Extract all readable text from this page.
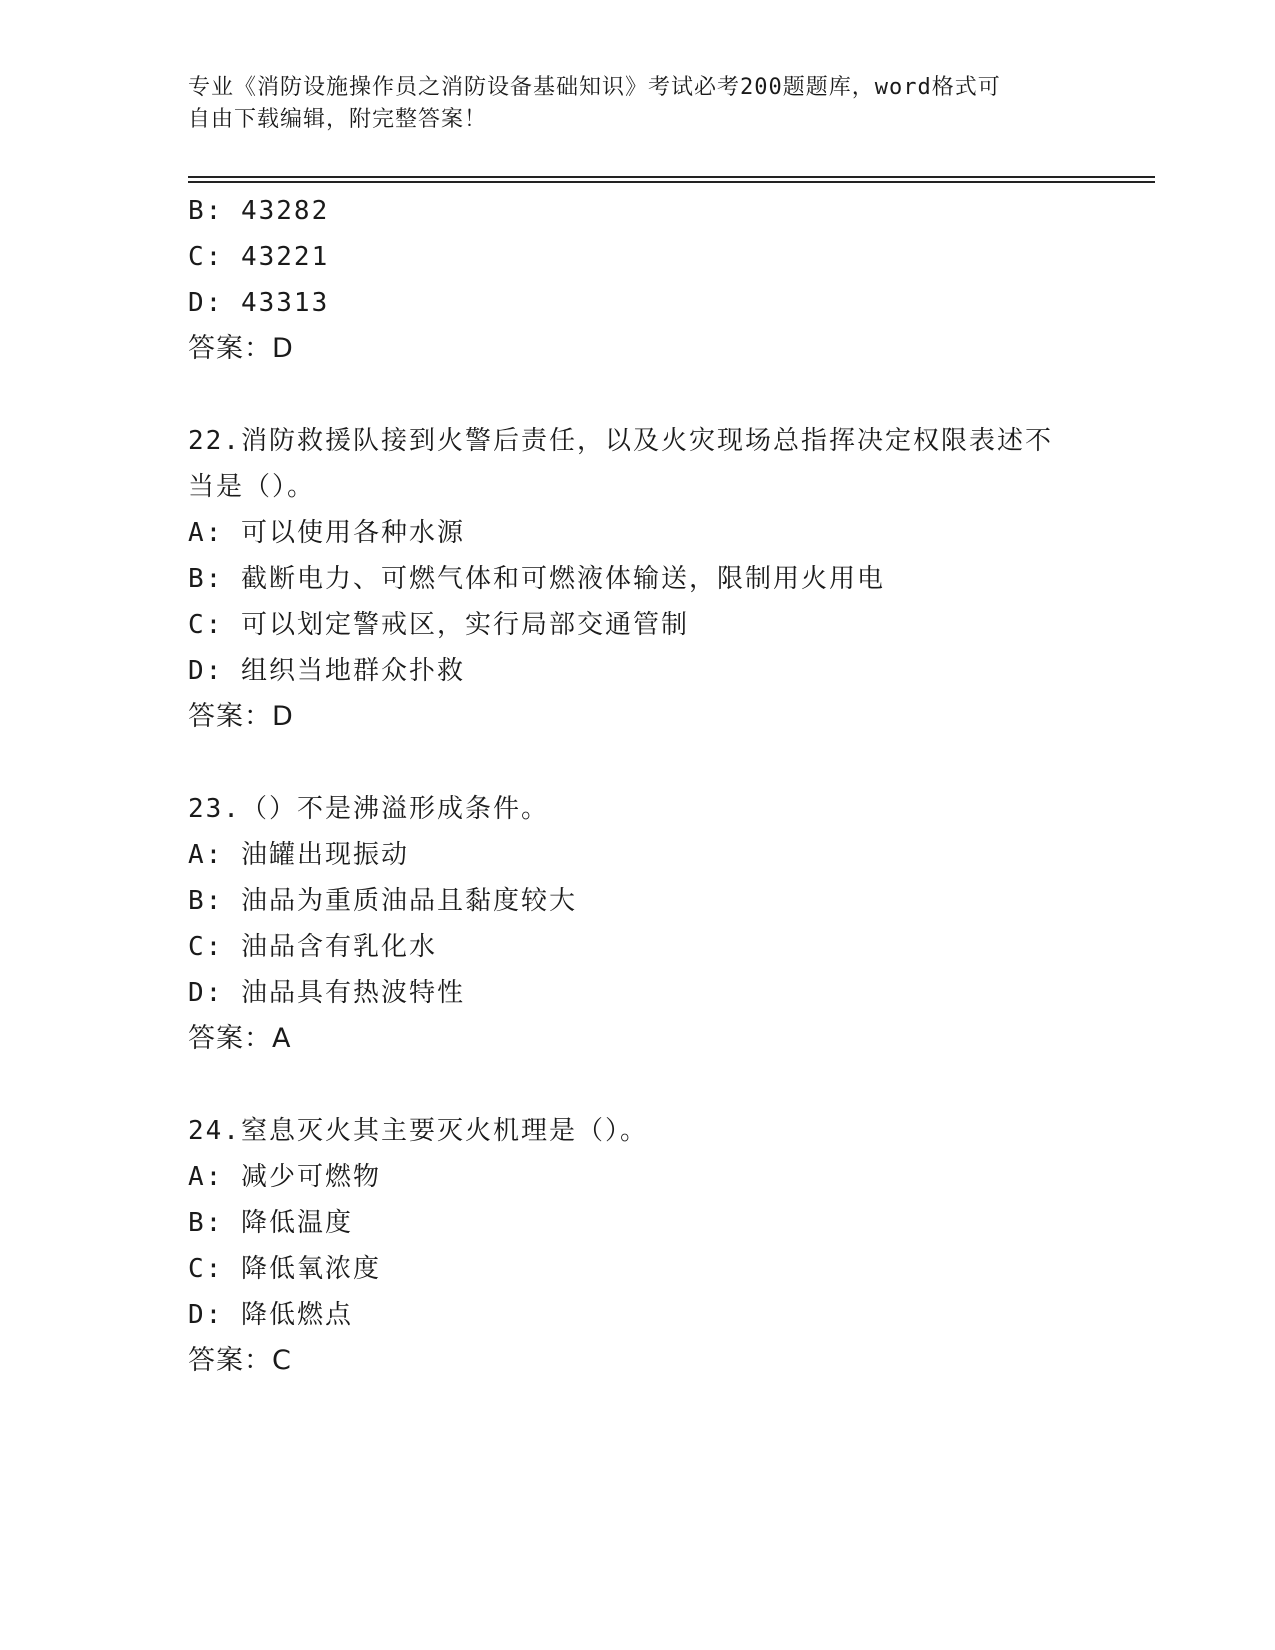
专业《消防设施操作员之消防设备基础知识》考试必考200题题库，word格式可
自由下载编辑，附完整答案！
B: 43282
C: 43221
D: 43313
答案：D
22.消防救援队接到火警后责任，以及火灾现场总指挥决定权限表述不
当是（）。
A: 可以使用各种水源
B: 截断电力、可燃气体和可燃液体输送，限制用火用电
C: 可以划定警戒区，实行局部交通管制
D: 组织当地群众扑救
答案：D
23.（）不是沸溢形成条件。
A: 油罐出现振动
B: 油品为重质油品且黏度较大
C: 油品含有乳化水
D: 油品具有热波特性
答案：A
24.窒息灭火其主要灭火机理是（）。
A: 减少可燃物
B: 降低温度
C: 降低氧浓度
D: 降低燃点
答案：C
